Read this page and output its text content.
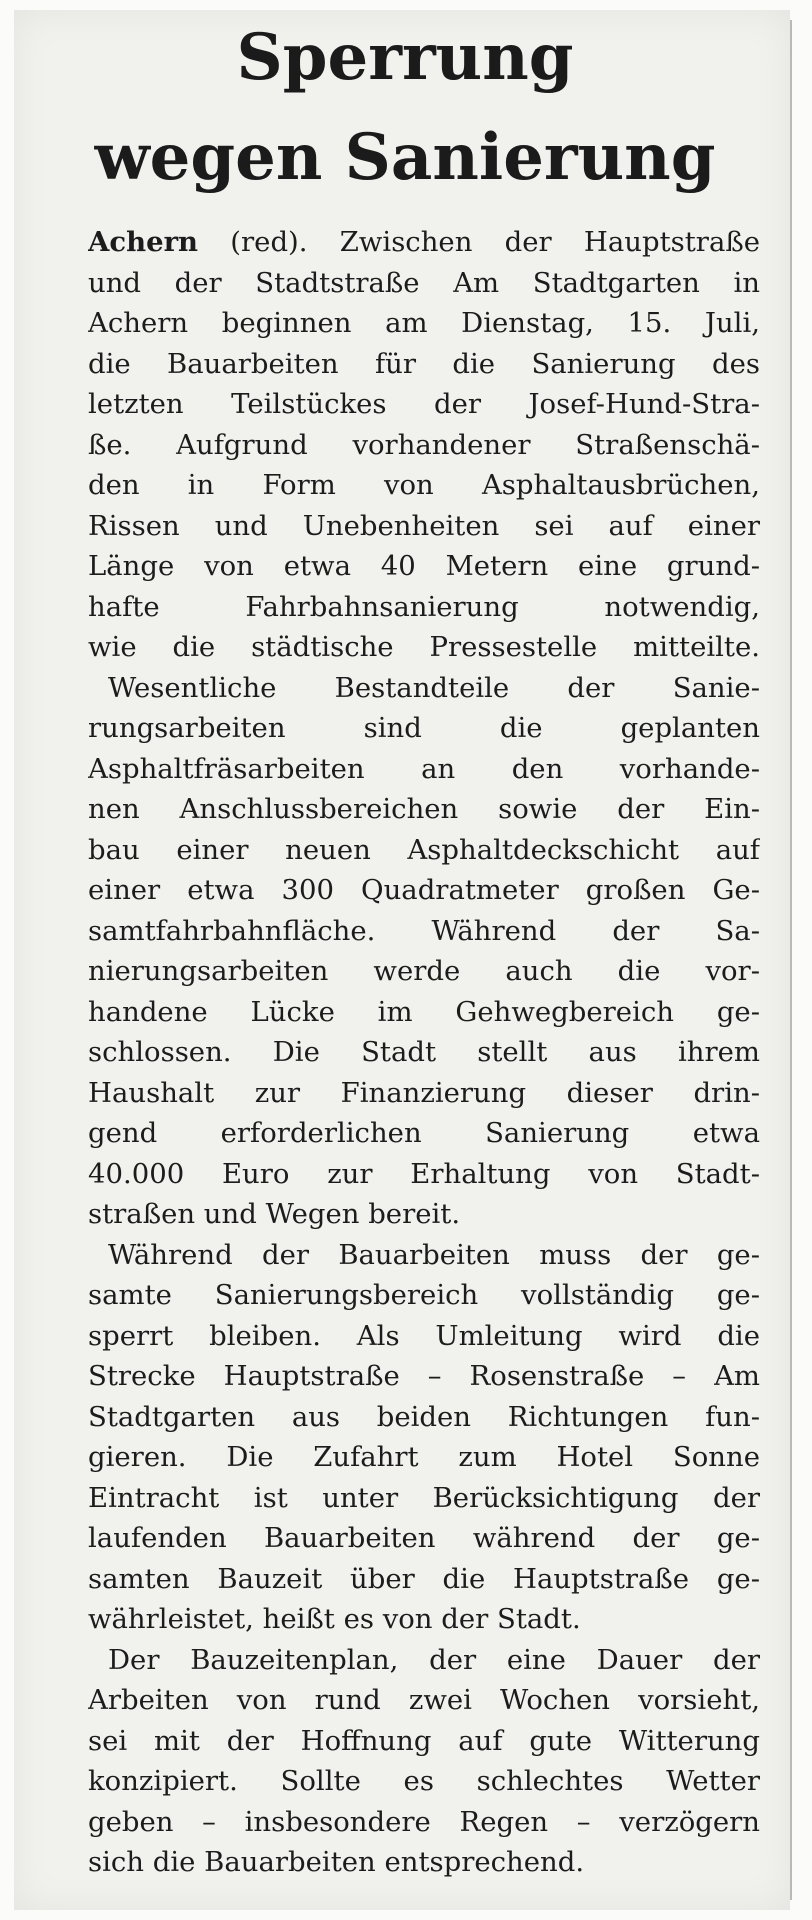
Sperrung
wegen Sanierung
Achern (red). Zwischen der Hauptstraße
und der Stadtstraße Am Stadtgarten in
Achern beginnen am Dienstag, 15. Juli,
die Bauarbeiten für die Sanierung des
letzten Teilstückes der Josef-Hund-Stra-
ße. Aufgrund vorhandener Straßenschä-
den in Form von Asphaltausbrüchen,
Rissen und Unebenheiten sei auf einer
Länge von etwa 40 Metern eine grund-
hafte Fahrbahnsanierung notwendig,
wie die städtische Pressestelle mitteilte.
Wesentliche Bestandteile der Sanie-
rungsarbeiten sind die geplanten
Asphaltfräsarbeiten an den vorhande-
nen Anschlussbereichen sowie der Ein-
bau einer neuen Asphaltdeckschicht auf
einer etwa 300 Quadratmeter großen Ge-
samtfahrbahnfläche. Während der Sa-
nierungsarbeiten werde auch die vor-
handene Lücke im Gehwegbereich ge-
schlossen. Die Stadt stellt aus ihrem
Haushalt zur Finanzierung dieser drin-
gend erforderlichen Sanierung etwa
40.000 Euro zur Erhaltung von Stadt-
straßen und Wegen bereit.
Während der Bauarbeiten muss der ge-
samte Sanierungsbereich vollständig ge-
sperrt bleiben. Als Umleitung wird die
Strecke Hauptstraße – Rosenstraße – Am
Stadtgarten aus beiden Richtungen fun-
gieren. Die Zufahrt zum Hotel Sonne
Eintracht ist unter Berücksichtigung der
laufenden Bauarbeiten während der ge-
samten Bauzeit über die Hauptstraße ge-
währleistet, heißt es von der Stadt.
Der Bauzeitenplan, der eine Dauer der
Arbeiten von rund zwei Wochen vorsieht,
sei mit der Hoffnung auf gute Witterung
konzipiert. Sollte es schlechtes Wetter
geben – insbesondere Regen – verzögern
sich die Bauarbeiten entsprechend.
